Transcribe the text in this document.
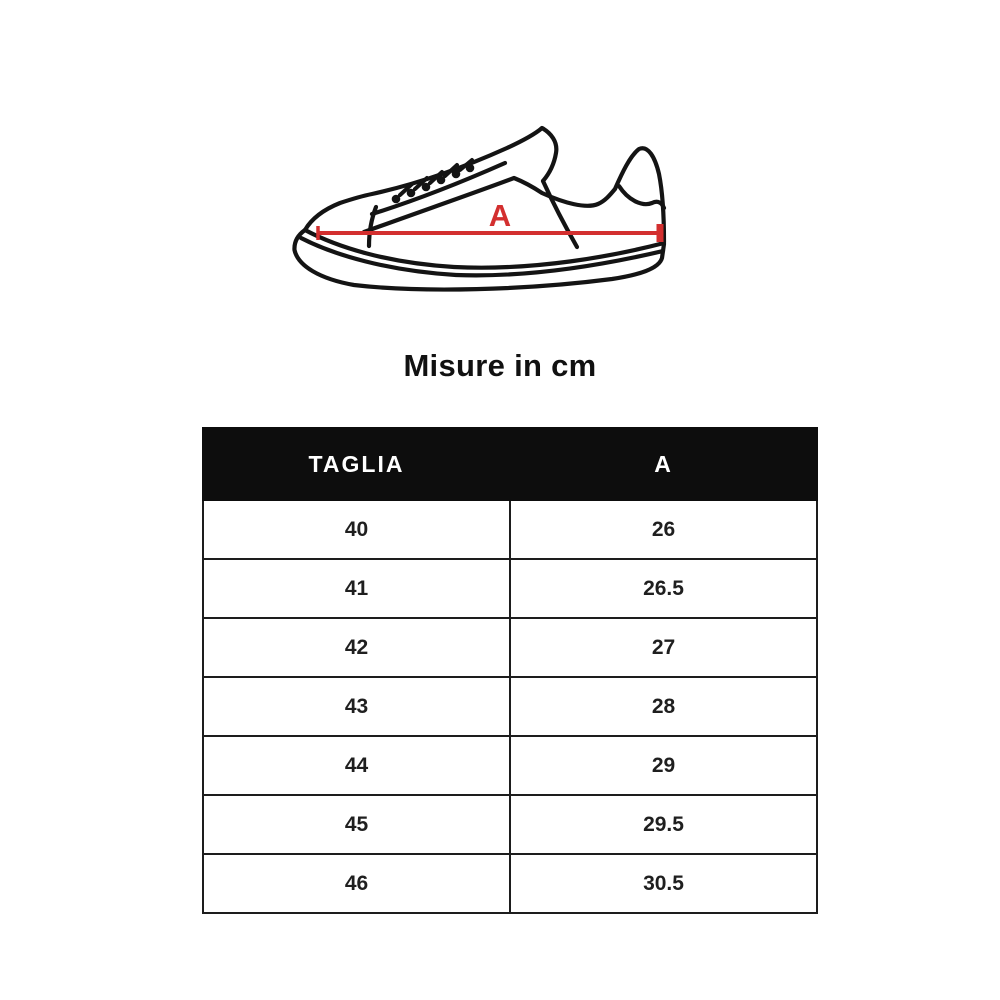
A
Misure in cm
TAGLIA	A
40	26
41	26.5
42	27
43	28
44	29
45	29.5
46	30.5
